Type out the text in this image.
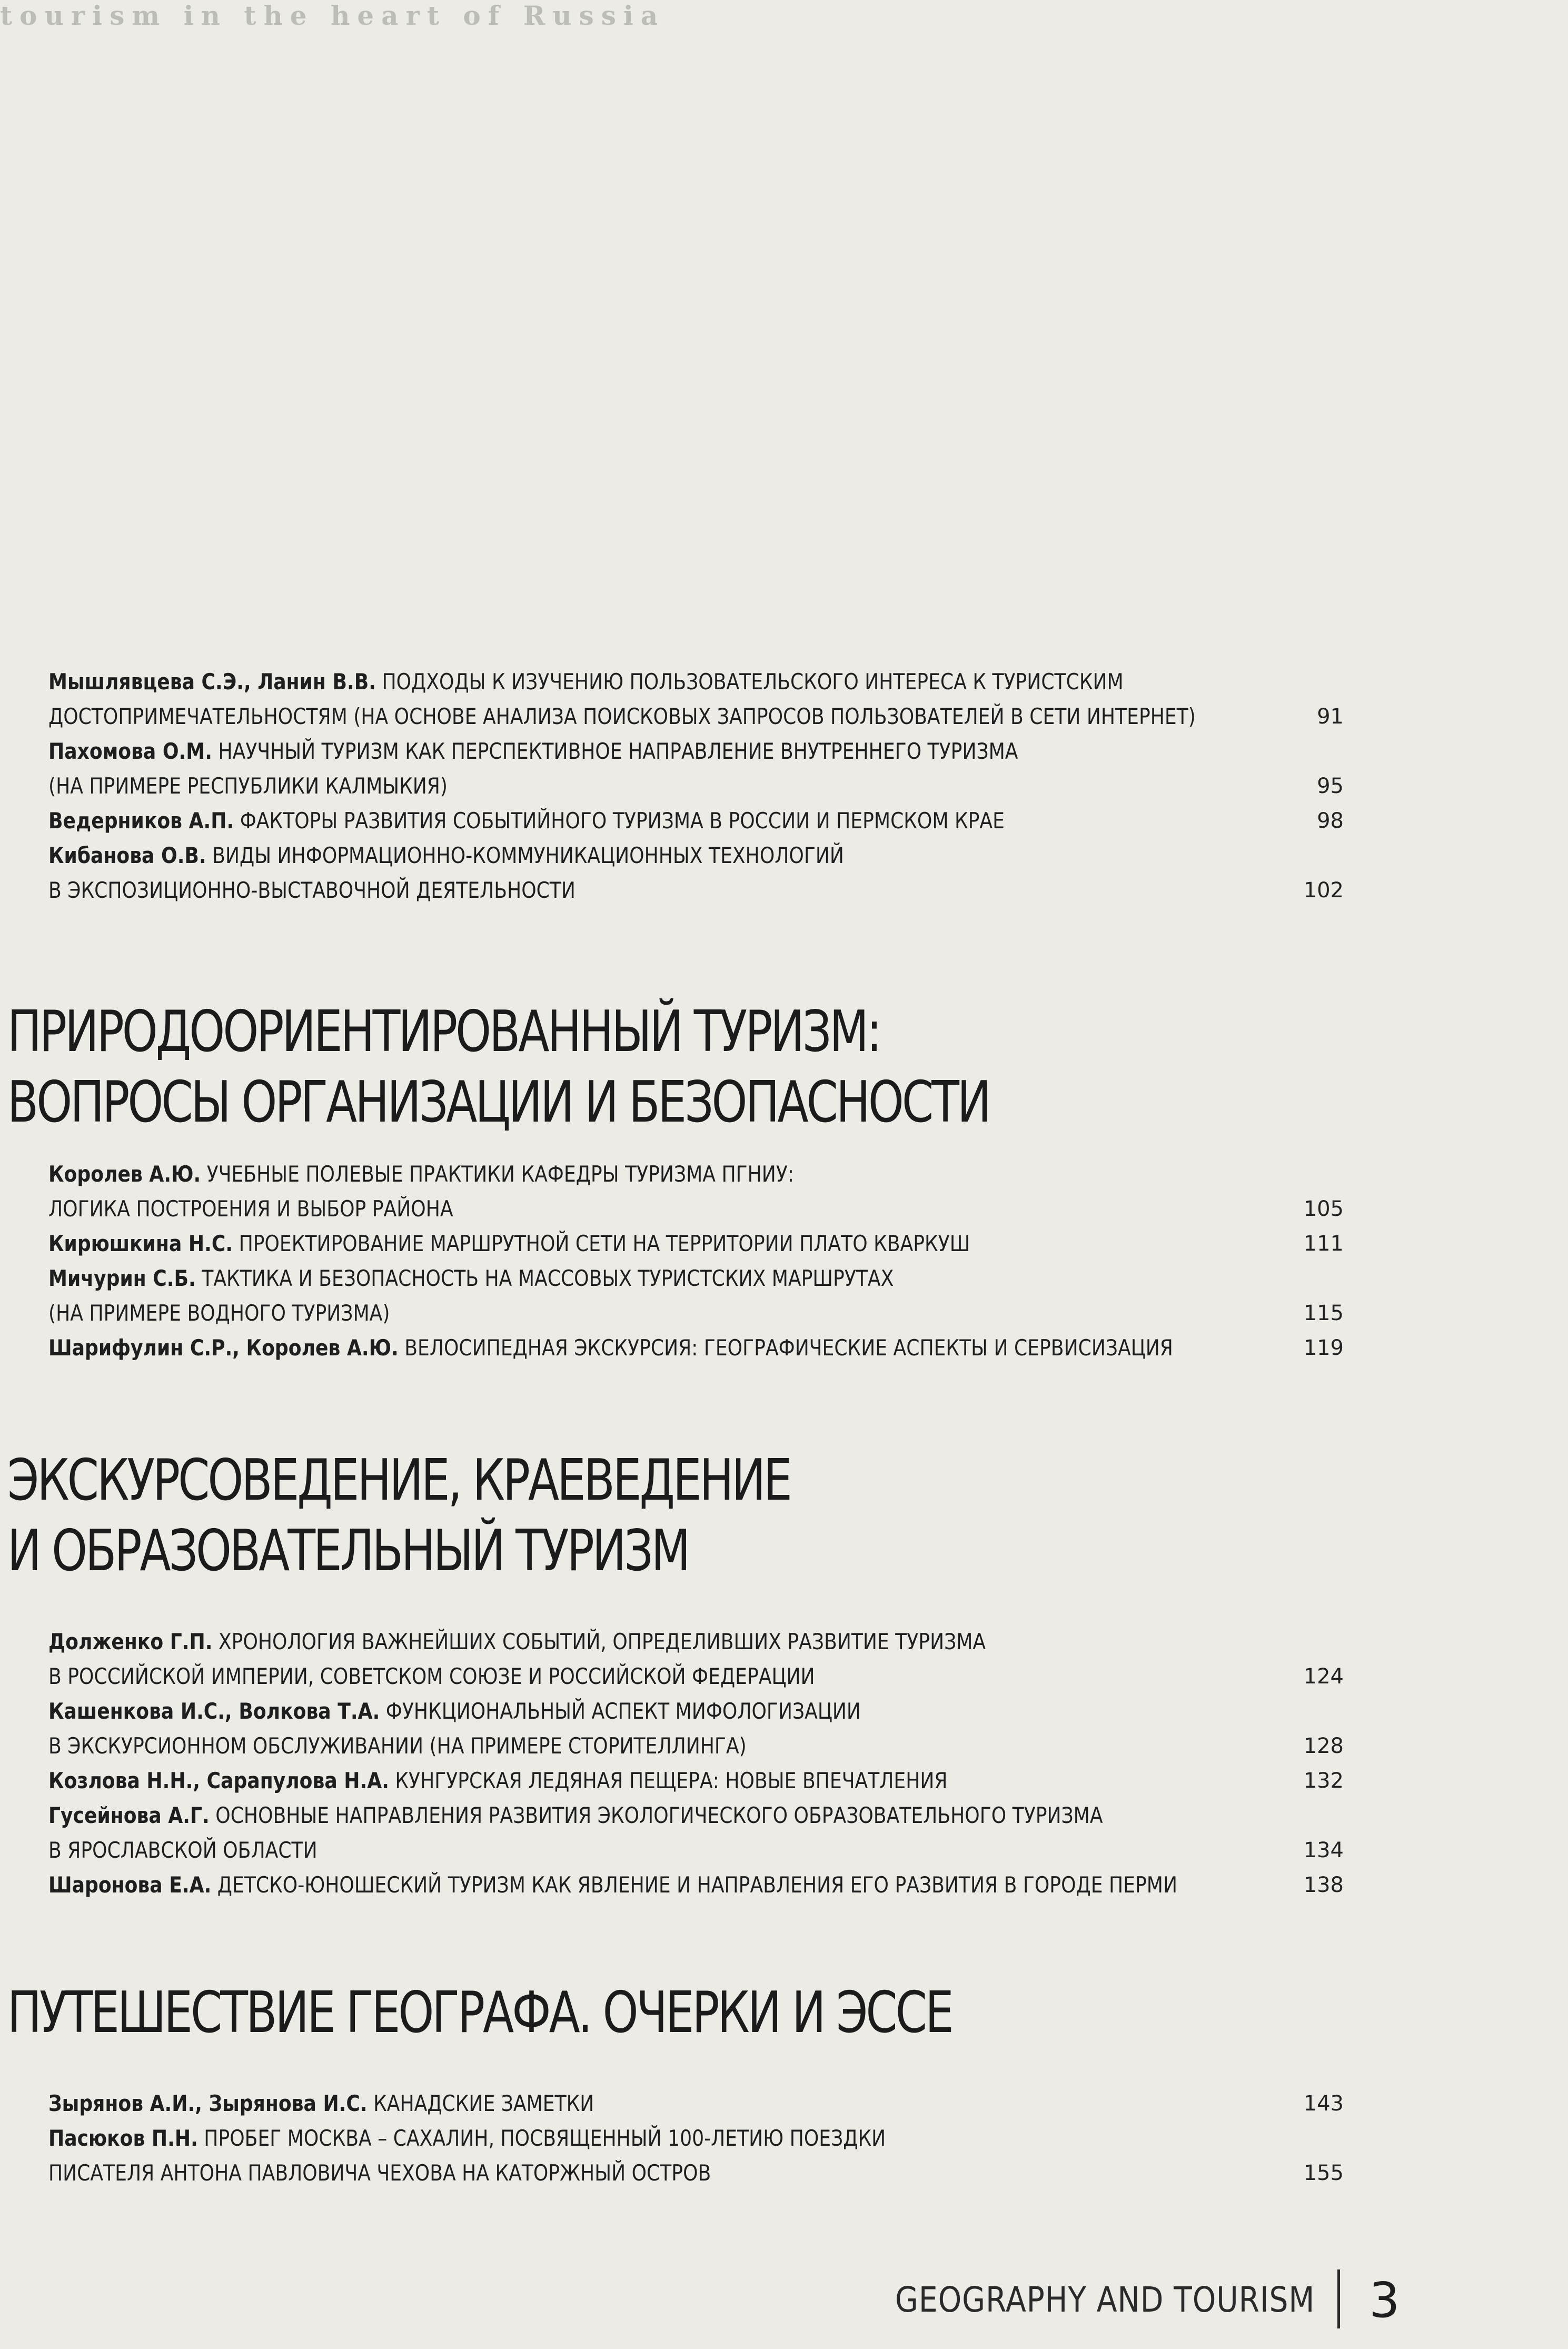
tourism in the heart of Russia
Мышлявцева С.Э., Ланин В.В. ПОДХОДЫ К ИЗУЧЕНИЮ ПОЛЬЗОВАТЕЛЬСКОГО ИНТЕРЕСА К ТУРИСТСКИМ
ДОСТОПРИМЕЧАТЕЛЬНОСТЯМ (НА ОСНОВЕ АНАЛИЗА ПОИСКОВЫХ ЗАПРОСОВ ПОЛЬЗОВАТЕЛЕЙ В СЕТИ ИНТЕРНЕТ)	91
Пахомова О.М. НАУЧНЫЙ ТУРИЗМ КАК ПЕРСПЕКТИВНОЕ НАПРАВЛЕНИЕ ВНУТРЕННЕГО ТУРИЗМА
(НА ПРИМЕРЕ РЕСПУБЛИКИ КАЛМЫКИЯ)	95
Ведерников А.П. ФАКТОРЫ РАЗВИТИЯ СОБЫТИЙНОГО ТУРИЗМА В РОССИИ И ПЕРМСКОМ КРАЕ	98
Кибанова О.В. ВИДЫ ИНФОРМАЦИОННО-КОММУНИКАЦИОННЫХ ТЕХНОЛОГИЙ
В ЭКСПОЗИЦИОННО-ВЫСТАВОЧНОЙ ДЕЯТЕЛЬНОСТИ	102
ПРИРОДООРИЕНТИРОВАННЫЙ ТУРИЗМ:
ВОПРОСЫ ОРГАНИЗАЦИИ И БЕЗОПАСНОСТИ
Королев А.Ю. УЧЕБНЫЕ ПОЛЕВЫЕ ПРАКТИКИ КАФЕДРЫ ТУРИЗМА ПГНИУ:
ЛОГИКА ПОСТРОЕНИЯ И ВЫБОР РАЙОНА	105
Кирюшкина Н.С. ПРОЕКТИРОВАНИЕ МАРШРУТНОЙ СЕТИ НА ТЕРРИТОРИИ ПЛАТО КВАРКУШ	111
Мичурин С.Б. ТАКТИКА И БЕЗОПАСНОСТЬ НА МАССОВЫХ ТУРИСТСКИХ МАРШРУТАХ
(НА ПРИМЕРЕ ВОДНОГО ТУРИЗМА)	115
Шарифулин С.Р., Королев А.Ю. ВЕЛОСИПЕДНАЯ ЭКСКУРСИЯ: ГЕОГРАФИЧЕСКИЕ АСПЕКТЫ И СЕРВИСИЗАЦИЯ	119
ЭКСКУРСОВЕДЕНИЕ, КРАЕВЕДЕНИЕ
И ОБРАЗОВАТЕЛЬНЫЙ ТУРИЗМ
Долженко Г.П. ХРОНОЛОГИЯ ВАЖНЕЙШИХ СОБЫТИЙ, ОПРЕДЕЛИВШИХ РАЗВИТИЕ ТУРИЗМА
В РОССИЙСКОЙ ИМПЕРИИ, СОВЕТСКОМ СОЮЗЕ И РОССИЙСКОЙ ФЕДЕРАЦИИ	124
Кашенкова И.С., Волкова Т.А. ФУНКЦИОНАЛЬНЫЙ АСПЕКТ МИФОЛОГИЗАЦИИ
В ЭКСКУРСИОННОМ ОБСЛУЖИВАНИИ (НА ПРИМЕРЕ СТОРИТЕЛЛИНГА)	128
Козлова Н.Н., Сарапулова Н.А. КУНГУРСКАЯ ЛЕДЯНАЯ ПЕЩЕРА: НОВЫЕ ВПЕЧАТЛЕНИЯ	132
Гусейнова А.Г. ОСНОВНЫЕ НАПРАВЛЕНИЯ РАЗВИТИЯ ЭКОЛОГИЧЕСКОГО ОБРАЗОВАТЕЛЬНОГО ТУРИЗМА
В ЯРОСЛАВСКОЙ ОБЛАСТИ	134
Шаронова Е.А. ДЕТСКО-ЮНОШЕСКИЙ ТУРИЗМ КАК ЯВЛЕНИЕ И НАПРАВЛЕНИЯ ЕГО РАЗВИТИЯ В ГОРОДЕ ПЕРМИ	138
ПУТЕШЕСТВИЕ ГЕОГРАФА. ОЧЕРКИ И ЭССЕ
Зырянов А.И., Зырянова И.С. КАНАДСКИЕ ЗАМЕТКИ	143
Пасюков П.Н. ПРОБЕГ МОСКВА – САХАЛИН, ПОСВЯЩЕННЫЙ 100-ЛЕТИЮ ПОЕЗДКИ
ПИСАТЕЛЯ АНТОНА ПАВЛОВИЧА ЧЕХОВА НА КАТОРЖНЫЙ ОСТРОВ	155
GEOGRAPHY AND TOURISM 3
